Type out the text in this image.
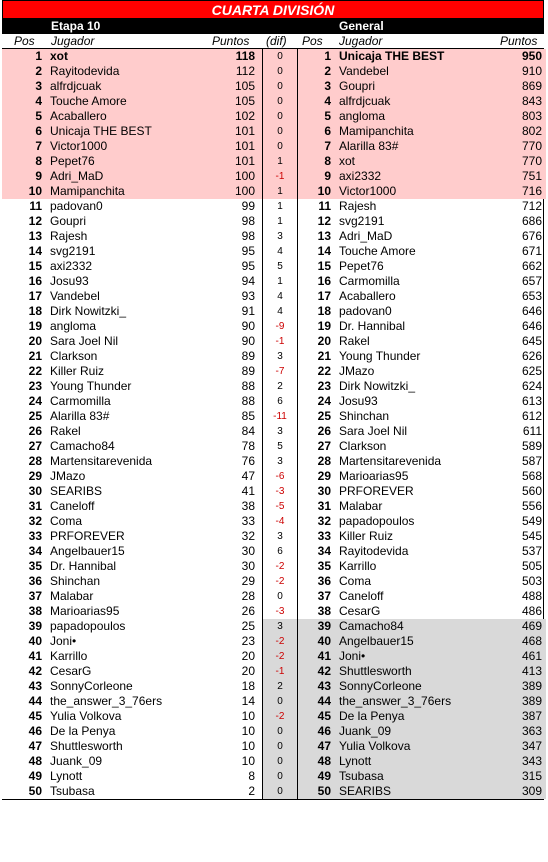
CUARTA DIVISIÓN
Etapa 10	General
Pos Jugador	Puntos (dif) Pos Jugador	Puntos
1 xot	118	0	1 Unicaja THE BEST	950
2 Rayitodevida	112	0	2 Vandebel	910
3 alfrdjcuak	105	0	3 Goupri	869
4 Touche Amore	105	0	4 alfrdjcuak	843
5 Acaballero	102	0	5 angloma	803
6 Unicaja THE BEST	101	0	6 Mamipanchita	802
7 Victor1000	101	0	7 Alarilla 83#	770
8 Pepet76	101	1	8 xot	770
9 Adri_MaD	100	-1	9 axi2332	751
10 Mamipanchita	100	1	10 Victor1000	716
11 padovan0	99	1	11 Rajesh	712
12 Goupri	98	1	12 svg2191	686
13 Rajesh	98	3	13 Adri_MaD	676
14 svg2191	95	4	14 Touche Amore	671
15 axi2332	95	5	15 Pepet76	662
16 Josu93	94	1	16 Carmomilla	657
17 Vandebel	93	4	17 Acaballero	653
18 Dirk Nowitzki_	91	4	18 padovan0	646
19 angloma	90	-9	19 Dr. Hannibal	646
20 Sara Joel Nil	90	-1	20 Rakel	645
21 Clarkson	89	3	21 Young Thunder	626
22 Killer Ruiz	89	-7	22 JMazo	625
23 Young Thunder	88	2	23 Dirk Nowitzki_	624
24 Carmomilla	88	6	24 Josu93	613
25 Alarilla 83#	85	-11	25 Shinchan	612
26 Rakel	84	3	26 Sara Joel Nil	611
27 Camacho84	78	5	27 Clarkson	589
28 Martensitarevenida	76	3	28 Martensitarevenida	587
29 JMazo	47	-6	29 Marioarias95	568
30 SEARIBS	41	-3	30 PRFOREVER	560
31 Caneloff	38	-5	31 Malabar	556
32 Coma	33	-4	32 papadopoulos	549
33 PRFOREVER	32	3	33 Killer Ruiz	545
34 Angelbauer15	30	6	34 Rayitodevida	537
35 Dr. Hannibal	30	-2	35 Karrillo	505
36 Shinchan	29	-2	36 Coma	503
37 Malabar	28	0	37 Caneloff	488
38 Marioarias95	26	-3	38 CesarG	486
39 papadopoulos	25	3	39 Camacho84	469
40 Joni•	23	-2	40 Angelbauer15	468
41 Karrillo	20	-2	41 Joni•	461
42 CesarG	20	-1	42 Shuttlesworth	413
43 SonnyCorleone	18	2	43 SonnyCorleone	389
44 the_answer_3_76ers	14	0	44 the_answer_3_76ers	389
45 Yulia Volkova	10	-2	45 De la Penya	387
46 De la Penya	10	0	46 Juank_09	363
47 Shuttlesworth	10	0	47 Yulia Volkova	347
48 Juank_09	10	0	48 Lynott	343
49 Lynott	8	0	49 Tsubasa	315
50 Tsubasa	2	0	50 SEARIBS	309
